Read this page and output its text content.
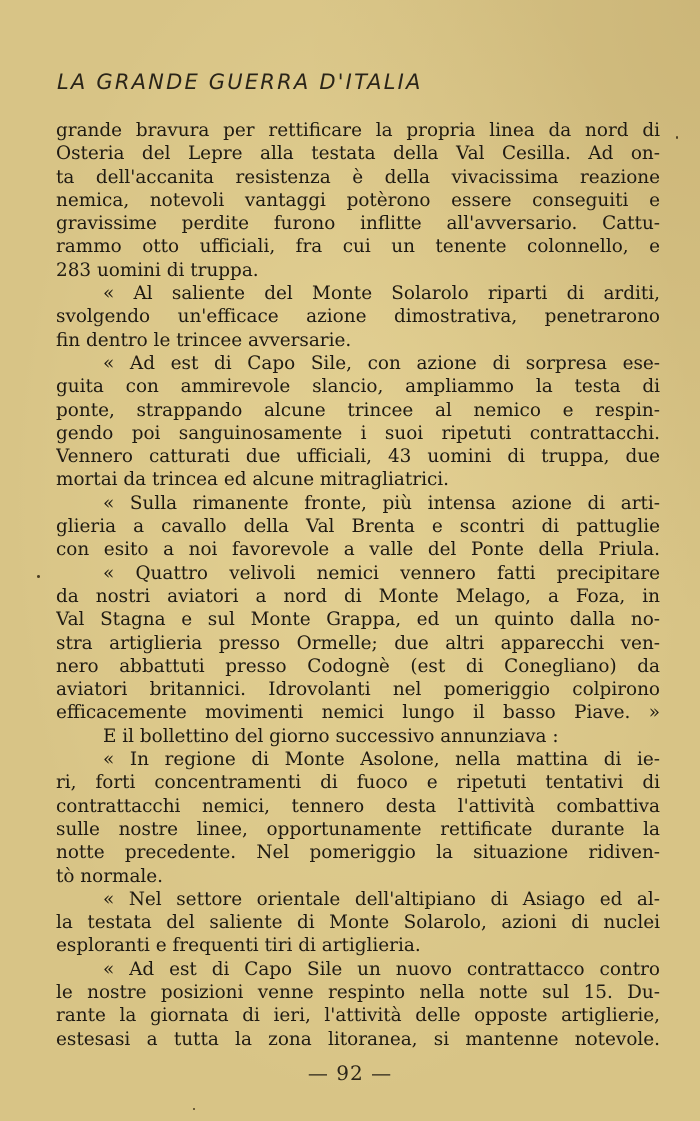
LA GRANDE GUERRA D'ITALIA
grande bravura per rettificare la propria linea da nord di
Osteria del Lepre alla testata della Val Cesilla. Ad on-
ta dell'accanita resistenza è della vivacissima reazione
nemica, notevoli vantaggi potèrono essere conseguiti e
gravissime perdite furono inflitte all'avversario. Cattu-
rammo otto ufficiali, fra cui un tenente colonnello, e
283 uomini di truppa.
« Al saliente del Monte Solarolo riparti di arditi,
svolgendo un'efficace azione dimostrativa, penetrarono
fin dentro le trincee avversarie.
« Ad est di Capo Sile, con azione di sorpresa ese-
guita con ammirevole slancio, ampliammo la testa di
ponte, strappando alcune trincee al nemico e respin-
gendo poi sanguinosamente i suoi ripetuti contrattacchi.
Vennero catturati due ufficiali, 43 uomini di truppa, due
mortai da trincea ed alcune mitragliatrici.
« Sulla rimanente fronte, più intensa azione di arti-
glieria a cavallo della Val Brenta e scontri di pattuglie
con esito a noi favorevole a valle del Ponte della Priula.
« Quattro velivoli nemici vennero fatti precipitare
da nostri aviatori a nord di Monte Melago, a Foza, in
Val Stagna e sul Monte Grappa, ed un quinto dalla no-
stra artiglieria presso Ormelle; due altri apparecchi ven-
nero abbattuti presso Codognè (est di Conegliano) da
aviatori britannici. Idrovolanti nel pomeriggio colpirono
efficacemente movimenti nemici lungo il basso Piave. »
E il bollettino del giorno successivo annunziava :
« In regione di Monte Asolone, nella mattina di ie-
ri, forti concentramenti di fuoco e ripetuti tentativi di
contrattacchi nemici, tennero desta l'attività combattiva
sulle nostre linee, opportunamente rettificate durante la
notte precedente. Nel pomeriggio la situazione ridiven-
tò normale.
« Nel settore orientale dell'altipiano di Asiago ed al-
la testata del saliente di Monte Solarolo, azioni di nuclei
esploranti e frequenti tiri di artiglieria.
« Ad est di Capo Sile un nuovo contrattacco contro
le nostre posizioni venne respinto nella notte sul 15. Du-
rante la giornata di ieri, l'attività delle opposte artiglierie,
estesasi a tutta la zona litoranea, si mantenne notevole.
— 92 —
